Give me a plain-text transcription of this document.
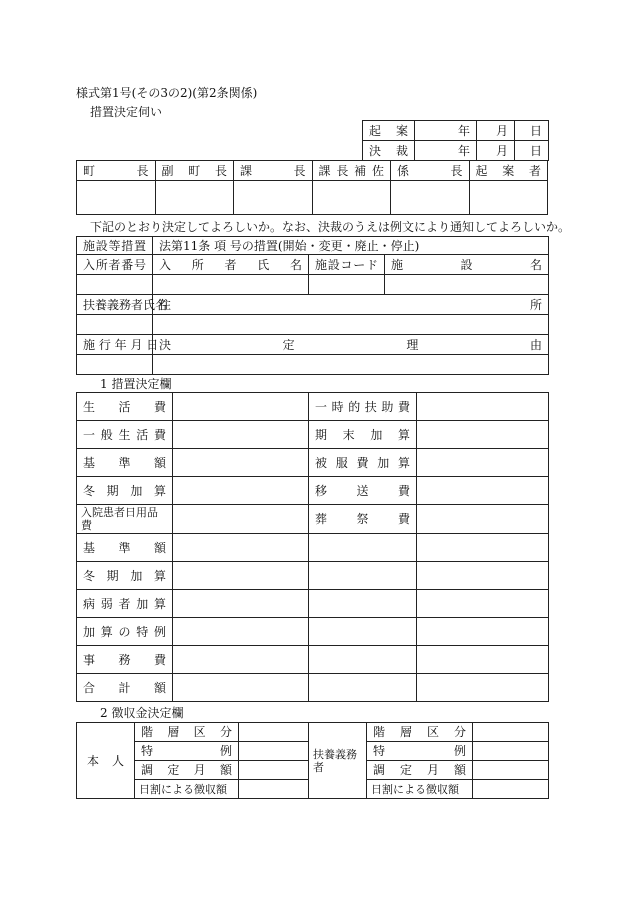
様式第1号(その3の2)(第2条関係)
措置決定伺い
起 案	年	月	日
決 裁	年	月	日
町 長	副 町 長	課 長	課長補佐	係 長	起 案 者

下記のとおり決定してよろしいか。なお、決裁のうえは例文により通知してよろしいか。
施設等措置	法第11条 項 号の措置(開始・変更・廃止・停止)		
入所者番号	入 所 者 氏 名	施設コード	施 設 名

扶養義務者氏名	住 所		

施 行 年 月 日	決 定 理 由		

1 措置決定欄
生 活 費		一 時 的 扶 助 費	
一 般 生 活 費		期 末 加 算	
基 準 額		被 服 費 加 算	
冬 期 加 算		移 送 費	
入院患者日用品費		葬 祭 費	
基 準 額			
冬 期 加 算			
病 弱 者 加 算			
加 算 の 特 例			
事 務 費			
合 計 額			
2 徴収金決定欄
本 人	階 層 区 分		扶養義務者	階 層 区 分	
	特 例			特 例	
	調 定 月 額			調 定 月 額	
	日割による徴収額			日割による徴収額	
